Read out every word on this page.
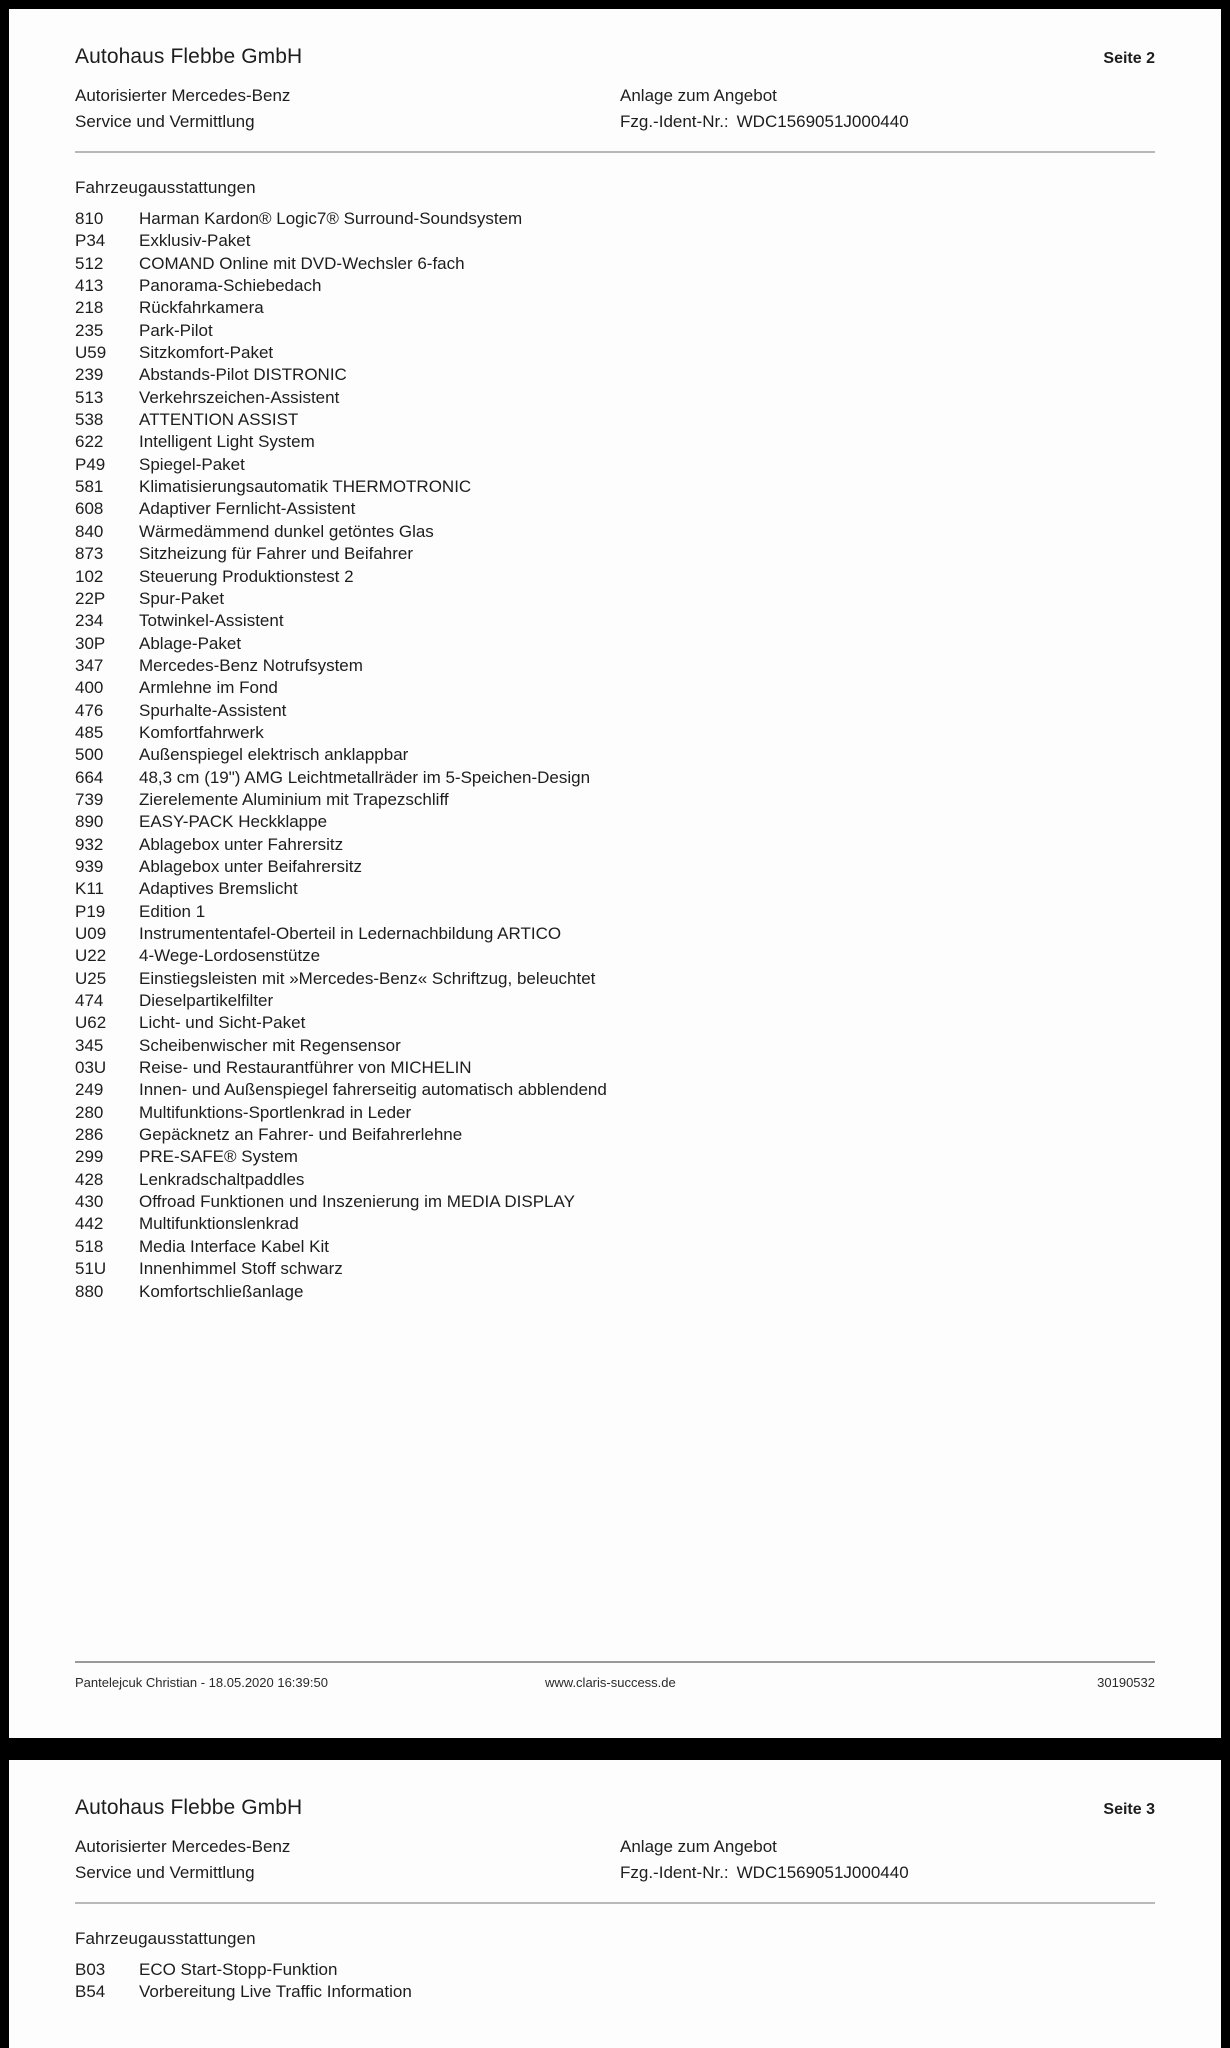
Autohaus Flebbe GmbH	Seite 2
Autorisierter Mercedes-Benz
Service und Vermittlung
Anlage zum Angebot
Fzg.-Ident-Nr.: WDC1569051J000440
Fahrzeugausstattungen
810	Harman Kardon® Logic7® Surround-Soundsystem
P34	Exklusiv-Paket
512	COMAND Online mit DVD-Wechsler 6-fach
413	Panorama-Schiebedach
218	Rückfahrkamera
235	Park-Pilot
U59	Sitzkomfort-Paket
239	Abstands-Pilot DISTRONIC
513	Verkehrszeichen-Assistent
538	ATTENTION ASSIST
622	Intelligent Light System
P49	Spiegel-Paket
581	Klimatisierungsautomatik THERMOTRONIC
608	Adaptiver Fernlicht-Assistent
840	Wärmedämmend dunkel getöntes Glas
873	Sitzheizung für Fahrer und Beifahrer
102	Steuerung Produktionstest 2
22P	Spur-Paket
234	Totwinkel-Assistent
30P	Ablage-Paket
347	Mercedes-Benz Notrufsystem
400	Armlehne im Fond
476	Spurhalte-Assistent
485	Komfortfahrwerk
500	Außenspiegel elektrisch anklappbar
664	48,3 cm (19") AMG Leichtmetallräder im 5-Speichen-Design
739	Zierelemente Aluminium mit Trapezschliff
890	EASY-PACK Heckklappe
932	Ablagebox unter Fahrersitz
939	Ablagebox unter Beifahrersitz
K11	Adaptives Bremslicht
P19	Edition 1
U09	Instrumententafel-Oberteil in Ledernachbildung ARTICO
U22	4-Wege-Lordosenstütze
U25	Einstiegsleisten mit »Mercedes-Benz« Schriftzug, beleuchtet
474	Dieselpartikelfilter
U62	Licht- und Sicht-Paket
345	Scheibenwischer mit Regensensor
03U	Reise- und Restaurantführer von MICHELIN
249	Innen- und Außenspiegel fahrerseitig automatisch abblendend
280	Multifunktions-Sportlenkrad in Leder
286	Gepäcknetz an Fahrer- und Beifahrerlehne
299	PRE-SAFE® System
428	Lenkradschaltpaddles
430	Offroad Funktionen und Inszenierung im MEDIA DISPLAY
442	Multifunktionslenkrad
518	Media Interface Kabel Kit
51U	Innenhimmel Stoff schwarz
880	Komfortschließanlage
Pantelejcuk Christian - 18.05.2020 16:39:50	www.claris-success.de	30190532
Autohaus Flebbe GmbH	Seite 3
Autorisierter Mercedes-Benz
Service und Vermittlung
Anlage zum Angebot
Fzg.-Ident-Nr.: WDC1569051J000440
Fahrzeugausstattungen
B03	ECO Start-Stopp-Funktion
B54	Vorbereitung Live Traffic Information
